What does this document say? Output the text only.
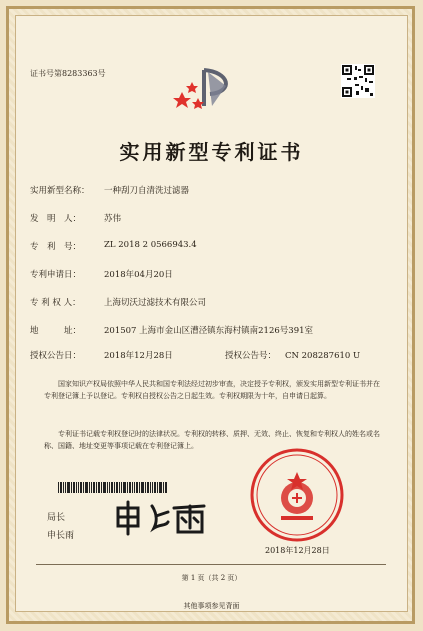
证书号第8283363号
实用新型专利证书
实用新型名称： 一种刮刀自清洗过滤器
发　明　人：	苏伟
专　利　号：	ZL 2018 2 0566943.4
专利申请日：	2018年04月20日
专 利 权 人：	上海切沃过滤技术有限公司
地　　　址：	201507 上海市金山区漕泾镇东海村镇南2126号391室
授权公告日：	2018年12月28日	授权公告号： CN 208287610 U

国家知识产权局依照中华人民共和国专利法经过初步审查，决定授予专利权，颁发实用新型专利证书并在专利登记簿上予以登记。专利权自授权公告之日起生效。专利权期限为十年，自申请日起算。

专利证书记载专利权登记时的法律状况。专利权的转移、质押、无效、终止、恢复和专利权人的姓名或名称、国籍、地址变更等事项记载在专利登记簿上。

局长
申长雨
2018年12月28日
第 1 页（共 2 页）
其他事项参见背面
